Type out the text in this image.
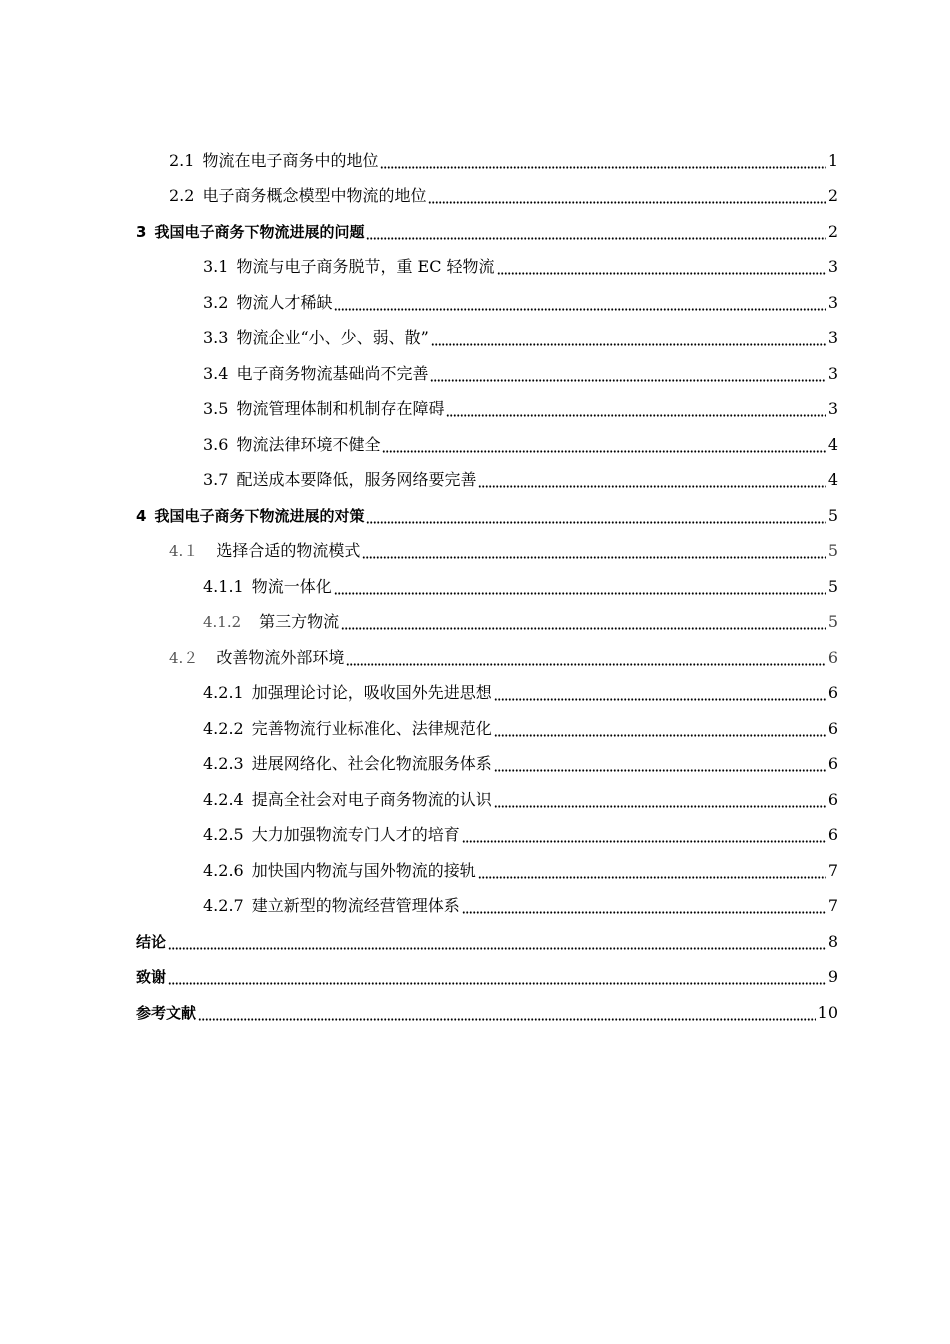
2.1 物流在电子商务中的地位	1
2.2 电子商务概念模型中物流的地位	2
3 我国电子商务下物流进展的问题	2
3.1 物流与电子商务脱节，重 EC 轻物流	3
3.2 物流人才稀缺	3
3.3 物流企业“小、少、弱、散”	3
3.4 电子商务物流基础尚不完善	3
3.5 物流管理体制和机制存在障碍	3
3.6 物流法律环境不健全	4
3.7 配送成本要降低，服务网络要完善	4
4 我国电子商务下物流进展的对策	5
4.１ 选择合适的物流模式	5
4.1.1 物流一体化	5
4.1.2 第三方物流	5
4.２ 改善物流外部环境	6
4.2.1 加强理论讨论，吸收国外先进思想	6
4.2.2 完善物流行业标准化、法律规范化	6
4.2.3 进展网络化、社会化物流服务体系	6
4.2.4 提高全社会对电子商务物流的认识	6
4.2.5 大力加强物流专门人才的培育	6
4.2.6 加快国内物流与国外物流的接轨	7
4.2.7 建立新型的物流经营管理体系	7
结论	8
致谢	9
参考文献	10
